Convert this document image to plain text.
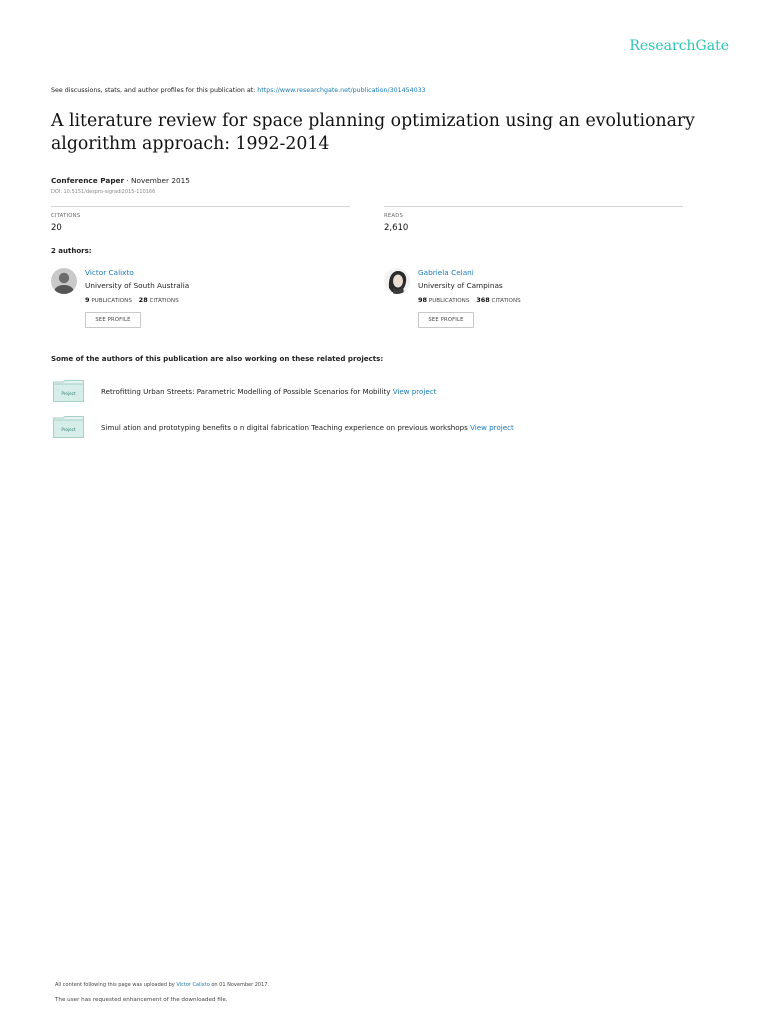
ResearchGate
See discussions, stats, and author profiles for this publication at: https://www.researchgate.net/publication/301454033
A literature review for space planning optimization using an evolutionary algorithm approach: 1992-2014
Conference Paper · November 2015
DOI: 10.5151/despro-sigradi2015-110166
CITATIONS
20
READS
2,610
2 authors:
Victor Calixto
University of South Australia
9 PUBLICATIONS 28 CITATIONS
SEE PROFILE
Gabriela Celani
University of Campinas
98 PUBLICATIONS 368 CITATIONS
SEE PROFILE
Some of the authors of this publication are also working on these related projects:
Project	Retrofitting Urban Streets: Parametric Modelling of Possible Scenarios for Mobility View project
Project	Simul ation and prototyping benefits o n digital fabrication Teaching experience on previous workshops View project
All content following this page was uploaded by Victor Calixto on 01 November 2017.
The user has requested enhancement of the downloaded file.
